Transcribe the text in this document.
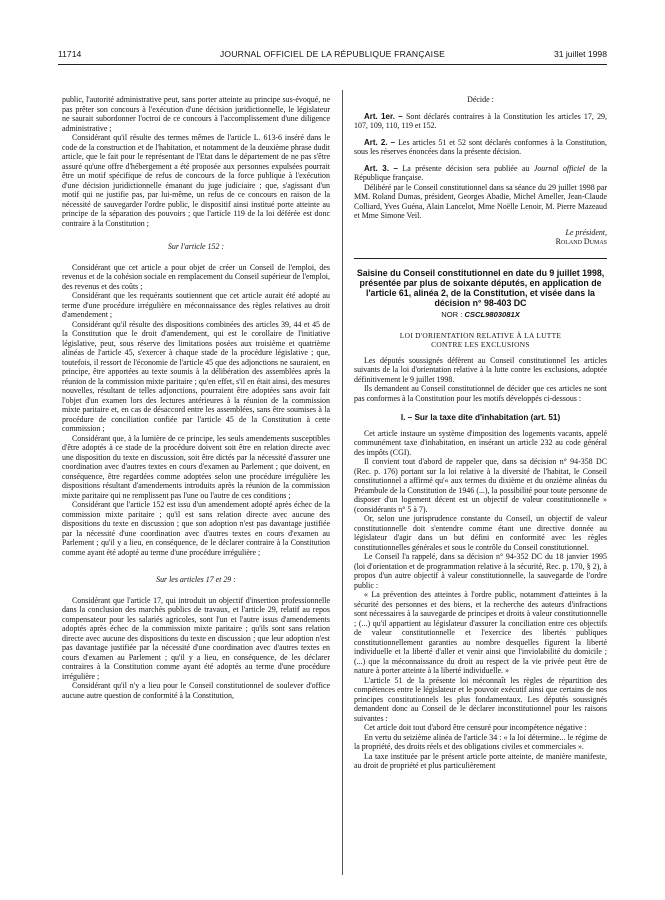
11714	JOURNAL OFFICIEL DE LA RÉPUBLIQUE FRANÇAISE	31 juillet 1998

public, l'autorité administrative peut, sans porter atteinte au principe sus-évoqué, ne pas prêter son concours à l'exécution d'une décision juridictionnelle, le législateur ne saurait subordonner l'octroi de ce concours à l'accomplissement d'une diligence administrative ;

Considérant qu'il résulte des termes mêmes de l'article L. 613-6 inséré dans le code de la construction et de l'habitation, et notamment de la deuxième phrase dudit article, que le fait pour le représentant de l'Etat dans le département de ne pas s'être assuré qu'une offre d'hébergement a été proposée aux personnes expulsées pourrait être un motif spécifique de refus de concours de la force publique à l'exécution d'une décision juridictionnelle émanant du juge judiciaire ; que, s'agissant d'un motif qui ne justifie pas, par lui-même, un refus de ce concours en raison de la nécessité de sauvegarder l'ordre public, le dispositif ainsi institué porte atteinte au principe de la séparation des pouvoirs ; que l'article 119 de la loi déférée est donc contraire à la Constitution ;

Sur l'article 152 :

Considérant que cet article a pour objet de créer un Conseil de l'emploi, des revenus et de la cohésion sociale en remplacement du Conseil supérieur de l'emploi, des revenus et des coûts ;

Considérant que les requérants soutiennent que cet article aurait été adopté au terme d'une procédure irrégulière en méconnaissance des règles relatives au droit d'amendement ;

Considérant qu'il résulte des dispositions combinées des articles 39, 44 et 45 de la Constitution que le droit d'amendement, qui est le corollaire de l'initiative législative, peut, sous réserve des limitations posées aux troisième et quatrième alinéas de l'article 45, s'exercer à chaque stade de la procédure législative ; que, toutefois, il ressort de l'économie de l'article 45 que des adjonctions ne sauraient, en principe, être apportées au texte soumis à la délibération des assemblées après la réunion de la commission mixte paritaire ; qu'en effet, s'il en était ainsi, des mesures nouvelles, résultant de telles adjonctions, pourraient être adoptées sans avoir fait l'objet d'un examen lors des lectures antérieures à la réunion de la commission mixte paritaire et, en cas de désaccord entre les assemblées, sans être soumises à la procédure de conciliation confiée par l'article 45 de la Constitution à cette commission ;

Considérant que, à la lumière de ce principe, les seuls amendements susceptibles d'être adoptés à ce stade de la procédure doivent soit être en relation directe avec une disposition du texte en discussion, soit être dictés par la nécessité d'assurer une coordination avec d'autres textes en cours d'examen au Parlement ; que doivent, en conséquence, être regardées comme adoptées selon une procédure irrégulière les dispositions résultant d'amendements introduits après la réunion de la commission mixte paritaire qui ne remplissent pas l'une ou l'autre de ces conditions ;

Considérant que l'article 152 est issu d'un amendement adopté après échec de la commission mixte paritaire ; qu'il est sans relation directe avec aucune des dispositions du texte en discussion ; que son adoption n'est pas davantage justifiée par la nécessité d'une coordination avec d'autres textes en cours d'examen au Parlement ; qu'il y a lieu, en conséquence, de le déclarer contraire à la Constitution comme ayant été adopté au terme d'une procédure irrégulière ;

Sur les articles 17 et 29 :

Considérant que l'article 17, qui introduit un objectif d'insertion professionnelle dans la conclusion des marchés publics de travaux, et l'article 29, relatif au repos compensateur pour les salariés agricoles, sont l'un et l'autre issus d'amendements adoptés après échec de la commission mixte paritaire ; qu'ils sont sans relation directe avec aucune des dispositions du texte en discussion ; que leur adoption n'est pas davantage justifiée par la nécessité d'une coordination avec d'autres textes en cours d'examen au Parlement ; qu'il y a lieu, en conséquence, de les déclarer contraires à la Constitution comme ayant été adoptés au terme d'une procédure irrégulière ;

Considérant qu'il n'y a lieu pour le Conseil constitutionnel de soulever d'office aucune autre question de conformité à la Constitution,

Décide :

Art. 1er. – Sont déclarés contraires à la Constitution les articles 17, 29, 107, 109, 110, 119 et 152.

Art. 2. – Les articles 51 et 52 sont déclarés conformes à la Constitution, sous les réserves énoncées dans la présente décision.

Art. 3. – La présente décision sera publiée au Journal officiel de la République française.

Délibéré par le Conseil constitutionnel dans sa séance du 29 juillet 1998 par MM. Roland Dumas, président, Georges Abadie, Michel Ameller, Jean-Claude Colliard, Yves Guéna, Alain Lancelot, Mme Noëlle Lenoir, M. Pierre Mazeaud et Mme Simone Veil.

Le président,
Roland Dumas
Saisine du Conseil constitutionnel en date du 9 juillet 1998, présentée par plus de soixante députés, en application de l'article 61, alinéa 2, de la Constitution, et visée dans la décision n° 98-403 DC
NOR : CSCL9803081X
LOI D'ORIENTATION RELATIVE À LA LUTTE
CONTRE LES EXCLUSIONS

Les députés soussignés défèrent au Conseil constitutionnel les articles suivants de la loi d'orientation relative à la lutte contre les exclusions, adoptée définitivement le 9 juillet 1998.

Ils demandent au Conseil constitutionnel de décider que ces articles ne sont pas conformes à la Constitution pour les motifs développés ci-dessous :

I. – Sur la taxe dite d'inhabitation (art. 51)

Cet article instaure un système d'imposition des logements vacants, appelé communément taxe d'inhabitation, en insérant un article 232 au code général des impôts (CGI).

Il convient tout d'abord de rappeler que, dans sa décision n° 94-358 DC (Rec. p. 176) portant sur la loi relative à la diversité de l'habitat, le Conseil constitutionnel a affirmé qu'« aux termes du dixième et du onzième alinéas du Préambule de la Constitution de 1946 (...), la possibilité pour toute personne de disposer d'un logement décent est un objectif de valeur constitutionnelle » (considérants n° 5 à 7).

Or, selon une jurisprudence constante du Conseil, un objectif de valeur constitutionnelle doit s'entendre comme étant une directive donnée au législateur d'agir dans un but défini en conformité avec les règles constitutionnelles générales et sous le contrôle du Conseil constitutionnel.

Le Conseil l'a rappelé, dans sa décision n° 94-352 DC du 18 janvier 1995 (loi d'orientation et de programmation relative à la sécurité, Rec. p. 170, § 2), à propos d'un autre objectif à valeur constitutionnelle, la sauvegarde de l'ordre public :

« La prévention des atteintes à l'ordre public, notamment d'atteintes à la sécurité des personnes et des biens, et la recherche des auteurs d'infractions sont nécessaires à la sauvegarde de principes et droits à valeur constitutionnelle ; (...) qu'il appartient au législateur d'assurer la conciliation entre ces objectifs de valeur constitutionnelle et l'exercice des libertés publiques constitutionnellement garanties au nombre desquelles figurent la liberté individuelle et la liberté d'aller et venir ainsi que l'inviolabilité du domicile ; (...) que la méconnaissance du droit au respect de la vie privée peut être de nature à porter atteinte à la liberté individuelle. »

L'article 51 de la présente loi méconnaît les règles de répartition des compétences entre le législateur et le pouvoir exécutif ainsi que certains de nos principes constitutionnels les plus fondamentaux. Les députés soussignés demandent donc au Conseil de le déclarer inconstitutionnel pour les raisons suivantes :

Cet article doit tout d'abord être censuré pour incompétence négative :

En vertu du seizième alinéa de l'article 34 : « la loi détermine... le régime de la propriété, des droits réels et des obligations civiles et commerciales ».

La taxe instituée par le présent article porte atteinte, de manière manifeste, au droit de propriété et plus particulièrement
